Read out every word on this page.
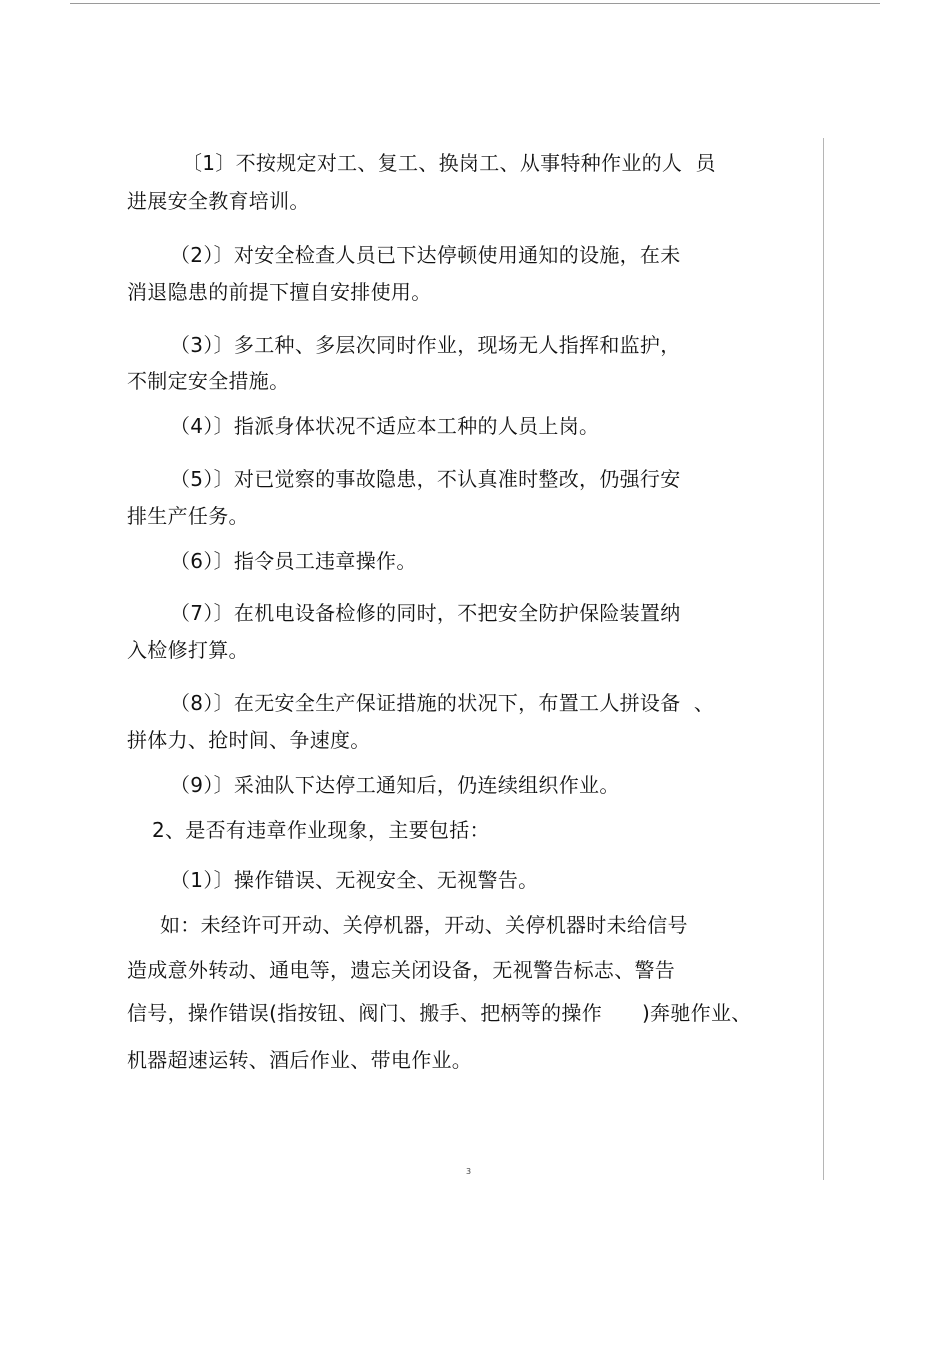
〔1〕不按规定对工、复工、换岗工、从事特种作业的人  员
进展安全教育培训。
（2）〕对安全检查人员已下达停顿使用通知的设施，在未
消退隐患的前提下擅自安排使用。
（3）〕多工种、多层次同时作业，现场无人指挥和监护，
不制定安全措施。
（4）〕指派身体状况不适应本工种的人员上岗。
（5）〕对已觉察的事故隐患，不认真准时整改，仍强行安
排生产任务。
（6）〕指令员工违章操作。
（7）〕在机电设备检修的同时，不把安全防护保险装置纳
入检修打算。
（8）〕在无安全生产保证措施的状况下，布置工人拼设备  、
拼体力、抢时间、争速度。
（9）〕采油队下达停工通知后，仍连续组织作业。
2、是否有违章作业现象，主要包括：
（1）〕操作错误、无视安全、无视警告。
如：未经许可开动、关停机器，开动、关停机器时未给信号
造成意外转动、通电等，遗忘关闭设备，无视警告标志、警告
信号，操作错误(指按钮、阀门、搬手、把柄等的操作      )奔驰作业、
机器超速运转、酒后作业、带电作业。
3
